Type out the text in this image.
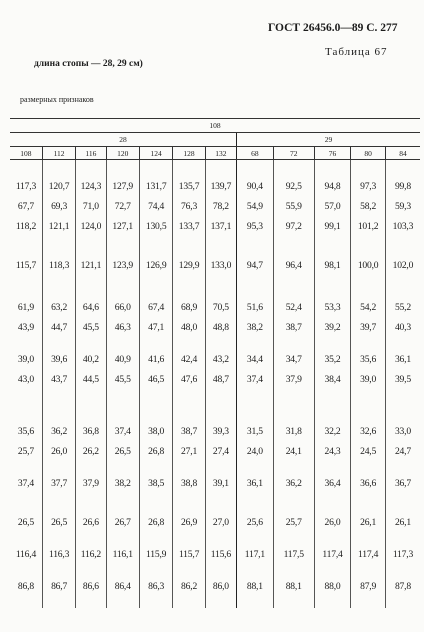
ГОСТ 26456.0—89 С. 277
Таблица 67
длина стопы — 28, 29 см)
размерных признаков
108											
28							29				
108	112	116	120	124	128	132	68	72	76	80	84

117,3	120,7	124,3	127,9	131,7	135,7	139,7	90,4	92,5	94,8	97,3	99,8
67,7	69,3	71,0	72,7	74,4	76,3	78,2	54,9	55,9	57,0	58,2	59,3
118,2	121,1	124,0	127,1	130,5	133,7	137,1	95,3	97,2	99,1	101,2	103,3

115,7	118,3	121,1	123,9	126,9	129,9	133,0	94,7	96,4	98,1	100,0	102,0

61,9	63,2	64,6	66,0	67,4	68,9	70,5	51,6	52,4	53,3	54,2	55,2
43,9	44,7	45,5	46,3	47,1	48,0	48,8	38,2	38,7	39,2	39,7	40,3

39,0	39,6	40,2	40,9	41,6	42,4	43,2	34,4	34,7	35,2	35,6	36,1
43,0	43,7	44,5	45,5	46,5	47,6	48,7	37,4	37,9	38,4	39,0	39,5

35,6	36,2	36,8	37,4	38,0	38,7	39,3	31,5	31,8	32,2	32,6	33,0
25,7	26,0	26,2	26,5	26,8	27,1	27,4	24,0	24,1	24,3	24,5	24,7

37,4	37,7	37,9	38,2	38,5	38,8	39,1	36,1	36,2	36,4	36,6	36,7

26,5	26,5	26,6	26,7	26,8	26,9	27,0	25,6	25,7	26,0	26,1	26,1

116,4	116,3	116,2	116,1	115,9	115,7	115,6	117,1	117,5	117,4	117,4	117,3

86,8	86,7	86,6	86,4	86,3	86,2	86,0	88,1	88,1	88,0	87,9	87,8
